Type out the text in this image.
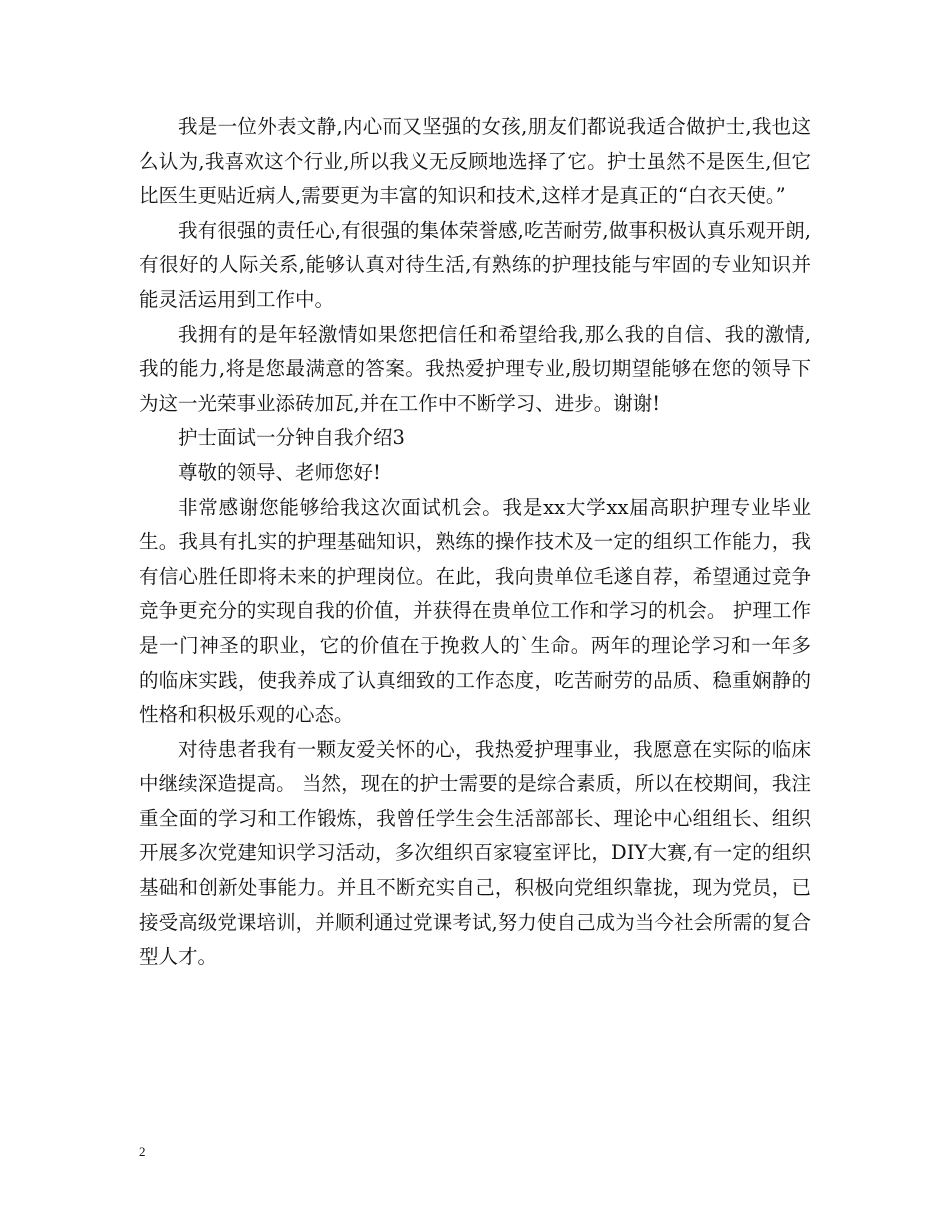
我是一位外表文静,内心而又坚强的女孩,朋友们都说我适合做护士,我也这么认为,我喜欢这个行业,所以我义无反顾地选择了它。护士虽然不是医生,但它比医生更贴近病人,需要更为丰富的知识和技术,这样才是真正的“白衣天使。”

我有很强的责任心,有很强的集体荣誉感,吃苦耐劳,做事积极认真乐观开朗,有很好的人际关系,能够认真对待生活,有熟练的护理技能与牢固的专业知识并能灵活运用到工作中。

我拥有的是年轻激情如果您把信任和希望给我,那么我的自信、我的激情,我的能力,将是您最满意的答案。我热爱护理专业,殷切期望能够在您的领导下为这一光荣事业添砖加瓦,并在工作中不断学习、进步。谢谢!

护士面试一分钟自我介绍3

尊敬的领导、老师您好!

非常感谢您能够给我这次面试机会。我是xx大学xx届高职护理专业毕业生。我具有扎实的护理基础知识，熟练的操作技术及一定的组织工作能力，我有信心胜任即将未来的护理岗位。在此，我向贵单位毛遂自荐，希望通过竞争竞争更充分的实现自我的价值，并获得在贵单位工作和学习的机会。 护理工作是一门神圣的职业，它的价值在于挽救人的`生命。两年的理论学习和一年多的临床实践，使我养成了认真细致的工作态度，吃苦耐劳的品质、稳重娴静的性格和积极乐观的心态。

对待患者我有一颗友爱关怀的心，我热爱护理事业，我愿意在实际的临床中继续深造提高。 当然，现在的护士需要的是综合素质，所以在校期间，我注重全面的学习和工作锻炼，我曾任学生会生活部部长、理论中心组组长、组织开展多次党建知识学习活动，多次组织百家寝室评比，DIY大赛,有一定的组织基础和创新处事能力。并且不断充实自己，积极向党组织靠拢，现为党员，已接受高级党课培训，并顺利通过党课考试,努力使自己成为当今社会所需的复合型人才。

2
